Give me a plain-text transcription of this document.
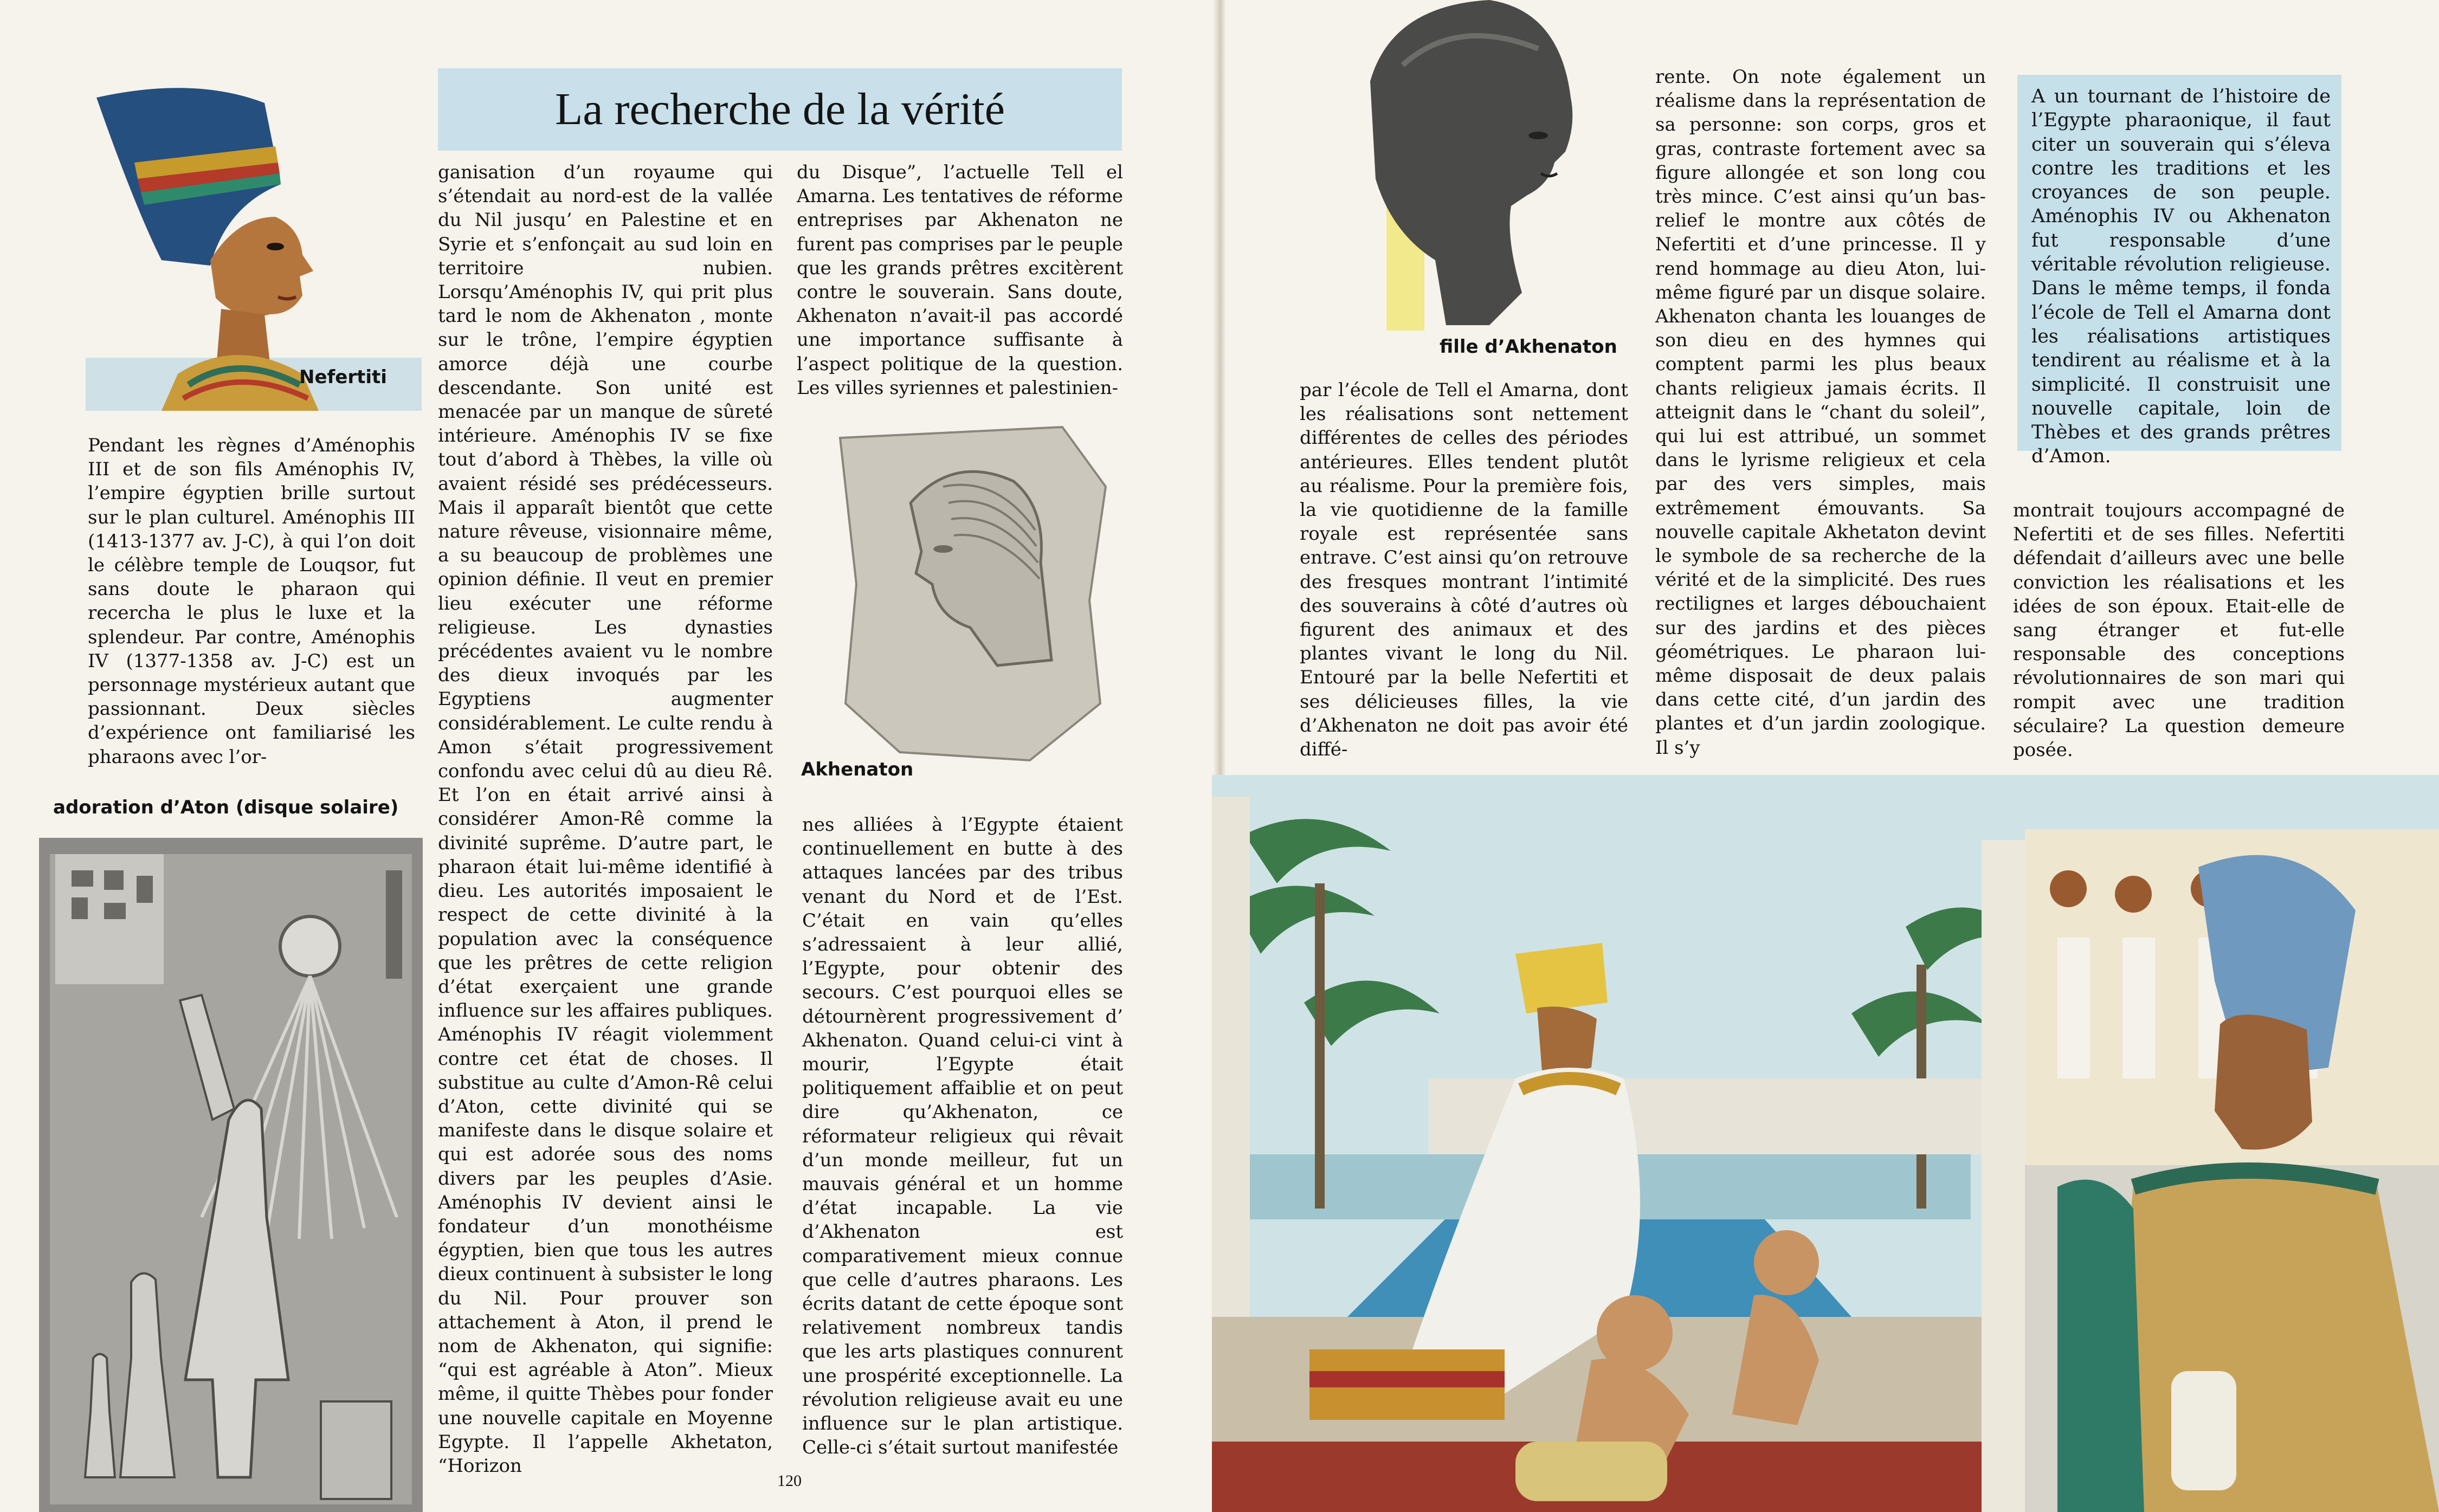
Nefertiti

Pendant les règnes d’Aménophis III et de son fils Aménophis IV, l’empire égyptien brille surtout sur le plan culturel. Aménophis III (1413-1377 av. J-C), à qui l’on doit le célèbre temple de Louqsor, fut sans doute le pharaon qui recercha le plus le luxe et la splendeur. Par contre, Aménophis IV (1377-1358 av. J-C) est un personnage mystérieux autant que passionnant. Deux siècles d’expérience ont familiarisé les pharaons avec l’or-

adoration d’Aton (disque solaire)

La recherche de la vérité

ganisation d’un royaume qui s’étendait au nord-est de la vallée du Nil jusqu’ en Palestine et en Syrie et s’enfonçait au sud loin en territoire nubien. Lorsqu’Aménophis IV, qui prit plus tard le nom de Akhenaton , monte sur le trône, l’empire égyptien amorce déjà une courbe descendante. Son unité est menacée par un manque de sûreté intérieure. Aménophis IV se fixe tout d’abord à Thèbes, la ville où avaient résidé ses prédécesseurs. Mais il apparaît bientôt que cette nature rêveuse, visionnaire même, a su beaucoup de problèmes une opinion définie. Il veut en premier lieu exécuter une réforme religieuse. Les dynasties précédentes avaient vu le nombre des dieux invoqués par les Egyptiens augmenter considérablement. Le culte rendu à Amon s’était progressivement confondu avec celui dû au dieu Rê. Et l’on en était arrivé ainsi à considérer Amon-Rê comme la divinité suprême. D’autre part, le pharaon était lui-même identifié à dieu. Les autorités imposaient le respect de cette divinité à la population avec la conséquence que les prêtres de cette religion d’état exerçaient une grande influence sur les affaires publiques. Aménophis IV réagit violemment contre cet état de choses. Il substitue au culte d’Amon-Rê celui d’Aton, cette divinité qui se manifeste dans le disque solaire et qui est adorée sous des noms divers par les peuples d’Asie. Aménophis IV devient ainsi le fondateur d’un monothéisme égyptien, bien que tous les autres dieux continuent à subsister le long du Nil. Pour prouver son attachement à Aton, il prend le nom de Akhenaton, qui signifie: “qui est agréable à Aton”. Mieux même, il quitte Thèbes pour fonder une nouvelle capitale en Moyenne Egypte. Il l’appelle Akhetaton, “Horizon

du Disque”, l’actuelle Tell el Amarna. Les tentatives de réforme entreprises par Akhenaton ne furent pas comprises par le peuple que les grands prêtres excitèrent contre le souverain. Sans doute, Akhenaton n’avait-il pas accordé une importance suffisante à l’aspect politique de la question. Les villes syriennes et palestinien-

Akhenaton

nes alliées à l’Egypte étaient continuellement en butte à des attaques lancées par des tribus venant du Nord et de l’Est. C’était en vain qu’elles s’adressaient à leur allié, l’Egypte, pour obtenir des secours. C’est pourquoi elles se détournèrent progressivement d’ Akhenaton. Quand celui-ci vint à mourir, l’Egypte était politiquement affaiblie et on peut dire qu’Akhenaton, ce réformateur religieux qui rêvait d’un monde meilleur, fut un mauvais général et un homme d’état incapable. La vie d’Akhenaton est comparativement mieux connue que celle d’autres pharaons. Les écrits datant de cette époque sont relativement nombreux tandis que les arts plastiques connurent une prospérité exceptionnelle. La révolution religieuse avait eu une influence sur le plan artistique. Celle-ci s’était surtout manifestée

120

fille d’Akhenaton

par l’école de Tell el Amarna, dont les réalisations sont nettement différentes de celles des périodes antérieures. Elles tendent plutôt au réalisme. Pour la première fois, la vie quotidienne de la famille royale est représentée sans entrave. C’est ainsi qu’on retrouve des fresques montrant l’intimité des souverains à côté d’autres où figurent des animaux et des plantes vivant le long du Nil. Entouré par la belle Nefertiti et ses délicieuses filles, la vie d’Akhenaton ne doit pas avoir été diffé-

rente. On note également un réalisme dans la représentation de sa personne: son corps, gros et gras, contraste fortement avec sa figure allongée et son long cou très mince. C’est ainsi qu’un bas-relief le montre aux côtés de Nefertiti et d’une princesse. Il y rend hommage au dieu Aton, lui-même figuré par un disque solaire. Akhenaton chanta les louanges de son dieu en des hymnes qui comptent parmi les plus beaux chants religieux jamais écrits. Il atteignit dans le “chant du soleil”, qui lui est attribué, un sommet dans le lyrisme religieux et cela par des vers simples, mais extrêmement émouvants. Sa nouvelle capitale Akhetaton devint le symbole de sa recherche de la vérité et de la simplicité. Des rues rectilignes et larges débouchaient sur des jardins et des pièces géométriques. Le pharaon lui-même disposait de deux palais dans cette cité, d’un jardin des plantes et d’un jardin zoologique. Il s’y

A un tournant de l’histoire de l’Egypte pharaonique, il faut citer un souverain qui s’éleva contre les traditions et les croyances de son peuple. Aménophis IV ou Akhenaton fut responsable d’une véritable révolution religieuse. Dans le même temps, il fonda l’école de Tell el Amarna dont les réalisations artistiques tendirent au réalisme et à la simplicité. Il construisit une nouvelle capitale, loin de Thèbes et des grands prêtres d’Amon.

montrait toujours accompagné de Nefertiti et de ses filles. Nefertiti défendait d’ailleurs avec une belle conviction les réalisations et les idées de son époux. Etait-elle de sang étranger et fut-elle responsable des conceptions révolutionnaires de son mari qui rompit avec une tradition séculaire? La question demeure posée.
